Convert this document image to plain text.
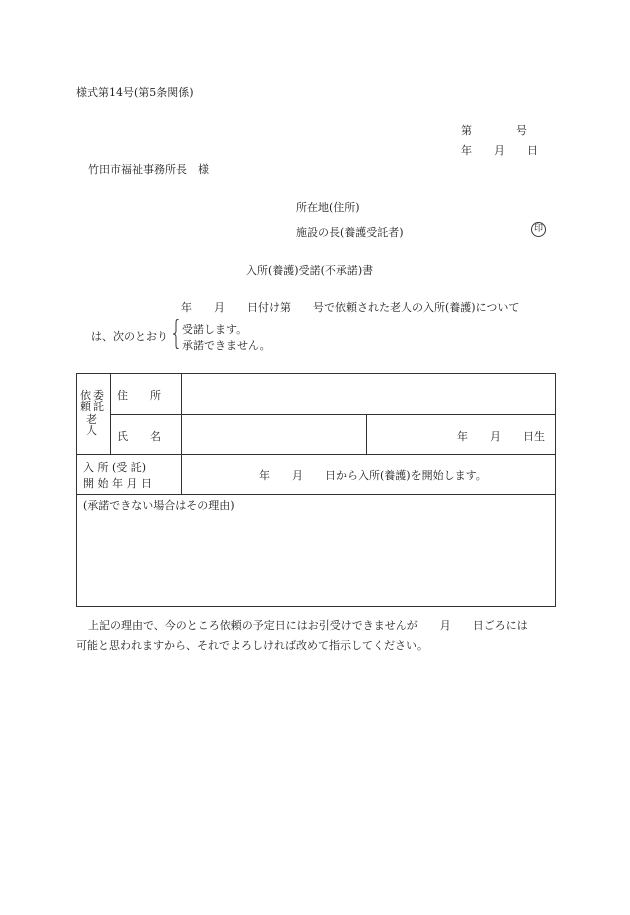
様式第14号(第5条関係)
第　　　　号
年　　月　　日
竹田市福祉事務所長　様
所在地(住所)
施設の長(養護受託者)	印
入所(養護)受諾(不承諾)書
年　　月　　日付け第　　号で依頼された老人の入所(養護)について
は、次のとおり
受諾します。
承諾できません。
依頼
委託
老人
住　　所
氏　　名	年　　月　　日生
入 所 (受 託)
開 始 年 月 日
年　　月　　日から入所(養護)を開始します。
(承諾できない場合はその理由)
上記の理由で、今のところ依頼の予定日にはお引受けできませんが　　月　　日ごろには
可能と思われますから、それでよろしければ改めて指示してください。
